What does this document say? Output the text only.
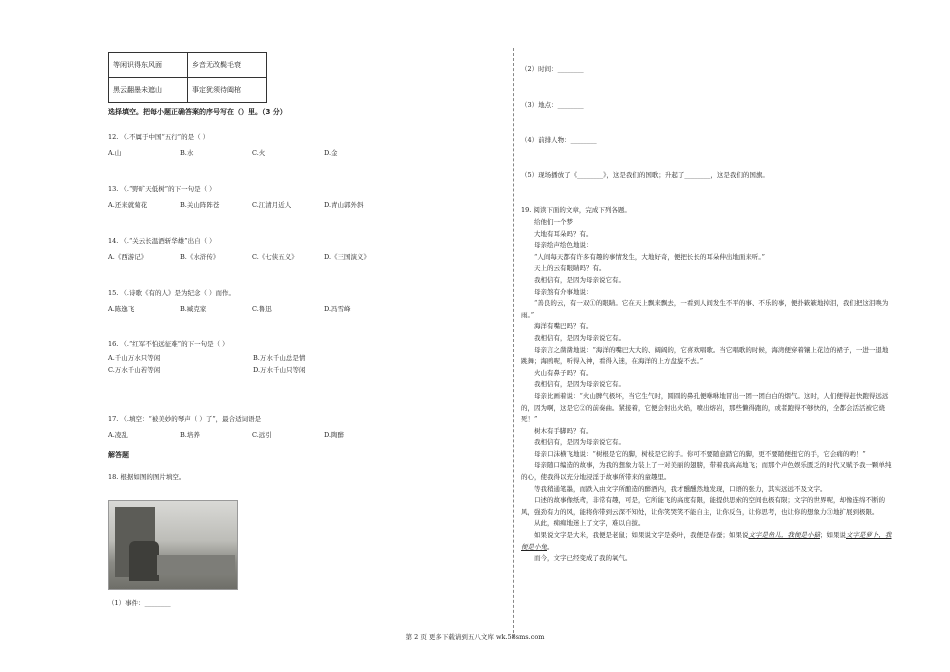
等闲识得东风面	乡音无改鬓毛衰
黑云翻墨未遮山	事定犹须待阖棺
选择填空。把每小题正确答案的序号写在（）里。（3 分）
12. （.不属于中国“五行”的是（ ）
A.山	B.水	C.火	D.金
13. （.“野旷天低树”的下一句是（ ）
A.还来就菊花	B.关山阵阵苍	C.江清月近人	D.青山郭外斜
14. （.“关云长温酒斩华雄”出自（ ）
A.《西游记》	B.《水浒传》	C.《七侠五义》	D.《三国演义》
15. （.诗歌《有的人》是为纪念（ ）而作。
A.陈逸飞	B.臧克家	C.鲁迅	D.冯雪峰
16. （.“红军不怕远征难”的下一句是（ ）
A.千山万水只等闲	B.万水千山总是情
C.万水千山若等闲	D.万水千山只等闲
17. （.填空：“被美妙的琴声（ ）了”，最合适词语是
A.凌乱	B.培养	C.远引	D.陶醉
解答题
18. 根据如图的图片填空。
（1）事件：________
（2）时间：________
（3）地点：________
（4）前排人物：________
（5）现场播放了《________》，这是我们的国歌；升起了________，这是我们的国旗。
19. 阅读下面的文章，完成下列各题。
给他们一个梦
大地有耳朵吗？有。
母亲绘声绘色地说：
“人间每天都有许多有趣的事情发生，大地好奇，便把长长的耳朵伸出地面来听。”
天上的云有眼睛吗？有。
我相信有，是因为母亲说它有。
母亲煞有介事地说：
“善良的云，有一双①的眼睛。它在天上飘来飘去，一看到人间发生不平的事、不乐的事，便扑簌簌地掉泪，我们把这泪唤为雨。”
海洋有嘴巴吗？有。
我相信有，是因为母亲说它有。
母亲言之凿凿地说：“海洋的嘴巴大大的、阔阔的，它喜欢唱歌。当它唱歌的时候，海湾便穿着镶上花边的裙子，一进一退地跳舞；海鸥呢，听得入神，看得入迷，在海洋的上方盘旋不去。”
火山有鼻子吗？有。
我相信有，是因为母亲说它有。
母亲比画着说：“火山脾气极坏，当它生气时，圆圆的鼻孔便咻咻地冒出一团一团白白的烟气。这时，人们便得赶快跑得远远的，因为啊，这是它②的前奏曲。紧接着，它便会射出火焰，喷出熔岩，那些懒得跑的，或者跑得不够快的，全都会活活被它烧死！”
树木有手脚吗？有。
我相信有，是因为母亲说它有。
母亲口沫横飞地说：“树根是它的脚，树枝是它的手。你可不要随意踏它的脚，更不要随便扭它的手，它会痛的哟！”
母亲随口编造的故事，为我的想象力装上了一对美丽的翅膀，带着我高高地飞；而那个声色娱乐匮乏的时代又赋予我一颗单纯的心，使我得以充分地浸淫于故事所带来的童趣里。
等我稍通笔墨，而跌入由文字所酿造的醉酒内，我才醺醺然地发现，口语的张力，其实远远不及文字。
口述的故事像纸鸢，非常有趣，可是，它所能飞的高度有限，能提供思索的空间也极有限；文字的世界呢，却像连绵不断的风，强劲有力的风，能将你带到云深不知处，让你笑哭笑不能自主，让你反刍，让你思考，也让你的想象力③地扩展到极限。
从此，痴痴地迷上了文字，难以自拔。
如果说文字是大米，我便是老鼠；如果说文字是桑叶，我便是春蚕；如果说文字是鱼儿，我便是小猫；如果说文字是萝卜，我便是小兔。
而今，文字已经变成了我的氧气。
第 2 页 更多下载请到五八文库 wk.58sms.com
